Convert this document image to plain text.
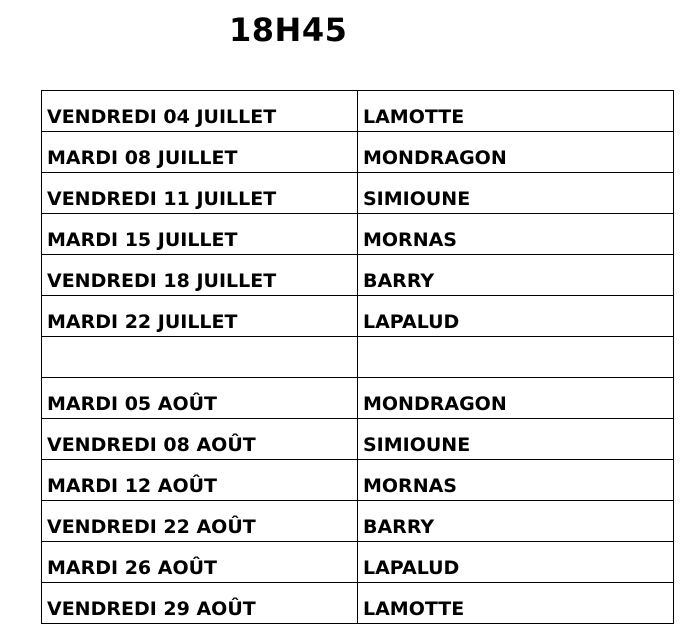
18H45
VENDREDI 04 JUILLET	LAMOTTE

MARDI 08 JUILLET	MONDRAGON

VENDREDI 11 JUILLET	SIMIOUNE

MARDI 15 JUILLET	MORNAS

VENDREDI 18 JUILLET	BARRY

MARDI 22 JUILLET	LAPALUD

MARDI 05 AOÛT	MONDRAGON

VENDREDI 08 AOÛT	SIMIOUNE

MARDI 12 AOÛT	MORNAS

VENDREDI 22 AOÛT	BARRY

MARDI 26 AOÛT	LAPALUD

VENDREDI 29 AOÛT	LAMOTTE
